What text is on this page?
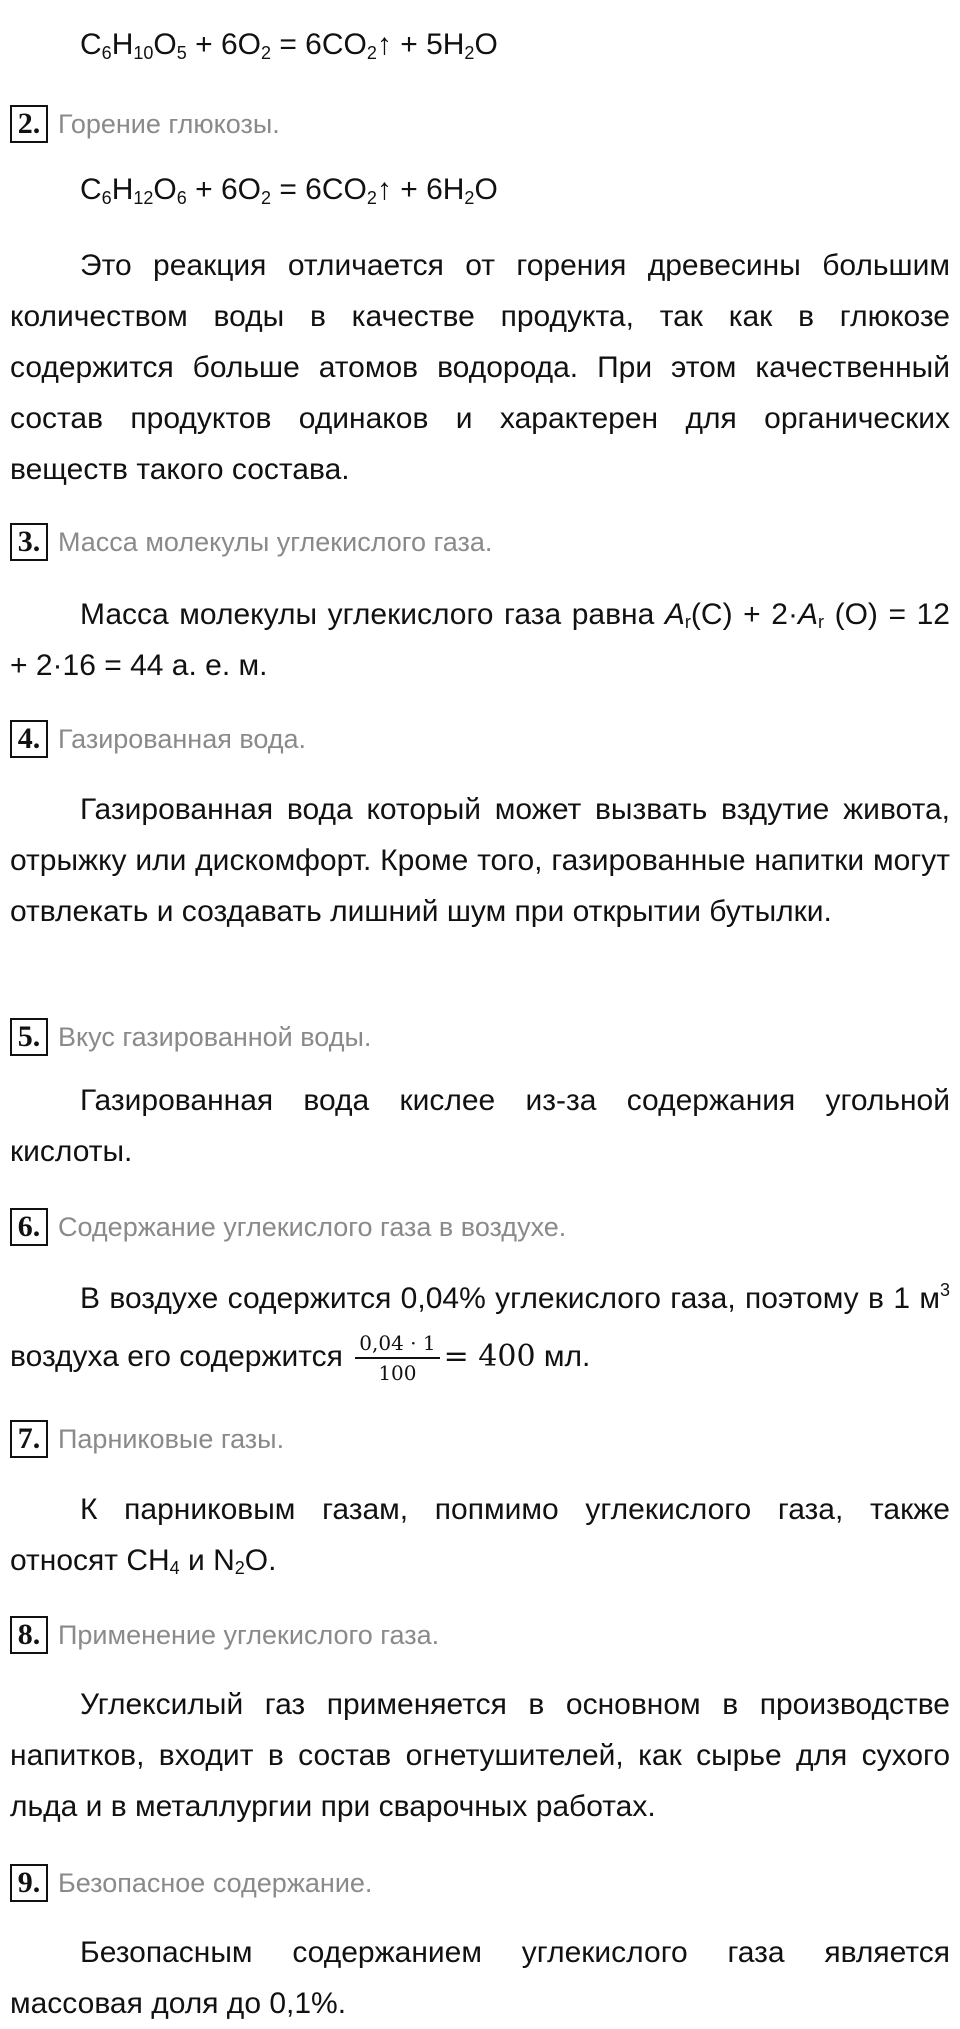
$C_6H_{10}O_5 + 6O_2$ = $6CO_2↑ + 5H_2O$
2. Горение глюкозы.
$C_6H_{12}O_6 + 6O_2$ = $6CO_2↑ + 6H_2O$

Это реакция отличается от горения древесины большим количеством воды в качестве продукта, так как в глюкозе содержится больше атомов водорода. При этом качественный состав продуктов одинаков и характерен для органических веществ такого состава.

3. Масса молекулы углекислого газа.

Масса молекулы углекислого газа равна $A_r(C) + 2\cdot A_r$ (O) = 12 + 2·16 = 44 а. е. м.

4. Газированная вода.

Газированная вода который может вызвать вздутие живота, отрыжку или дискомфорт. Кроме того, газированные напитки могут отвлекать и создавать лишний шум при открытии бутылки.

5. Вкус газированной воды.

Газированная вода кислее из-за содержания угольной кислоты.

6. Содержание углекислого газа в воздухе.

В воздухе содержится 0,04% углекислого газа, поэтому в 1 $м^3$ воздуха его содержится $\frac{0,04 \cdot 1}{100} = 400$ мл.

7. Парниковые газы.

К парниковым газам, попмимо углекислого газа, также относят $CH_4$ и $N_2O$.

8. Применение углекислого газа.

Углексилый газ применяется в основном в производстве напитков, входит в состав огнетушителей, как сырье для сухого льда и в металлургии при сварочных работах.

9. Безопасное содержание.

Безопасным содержанием углекислого газа является массовая доля до 0,1%.
